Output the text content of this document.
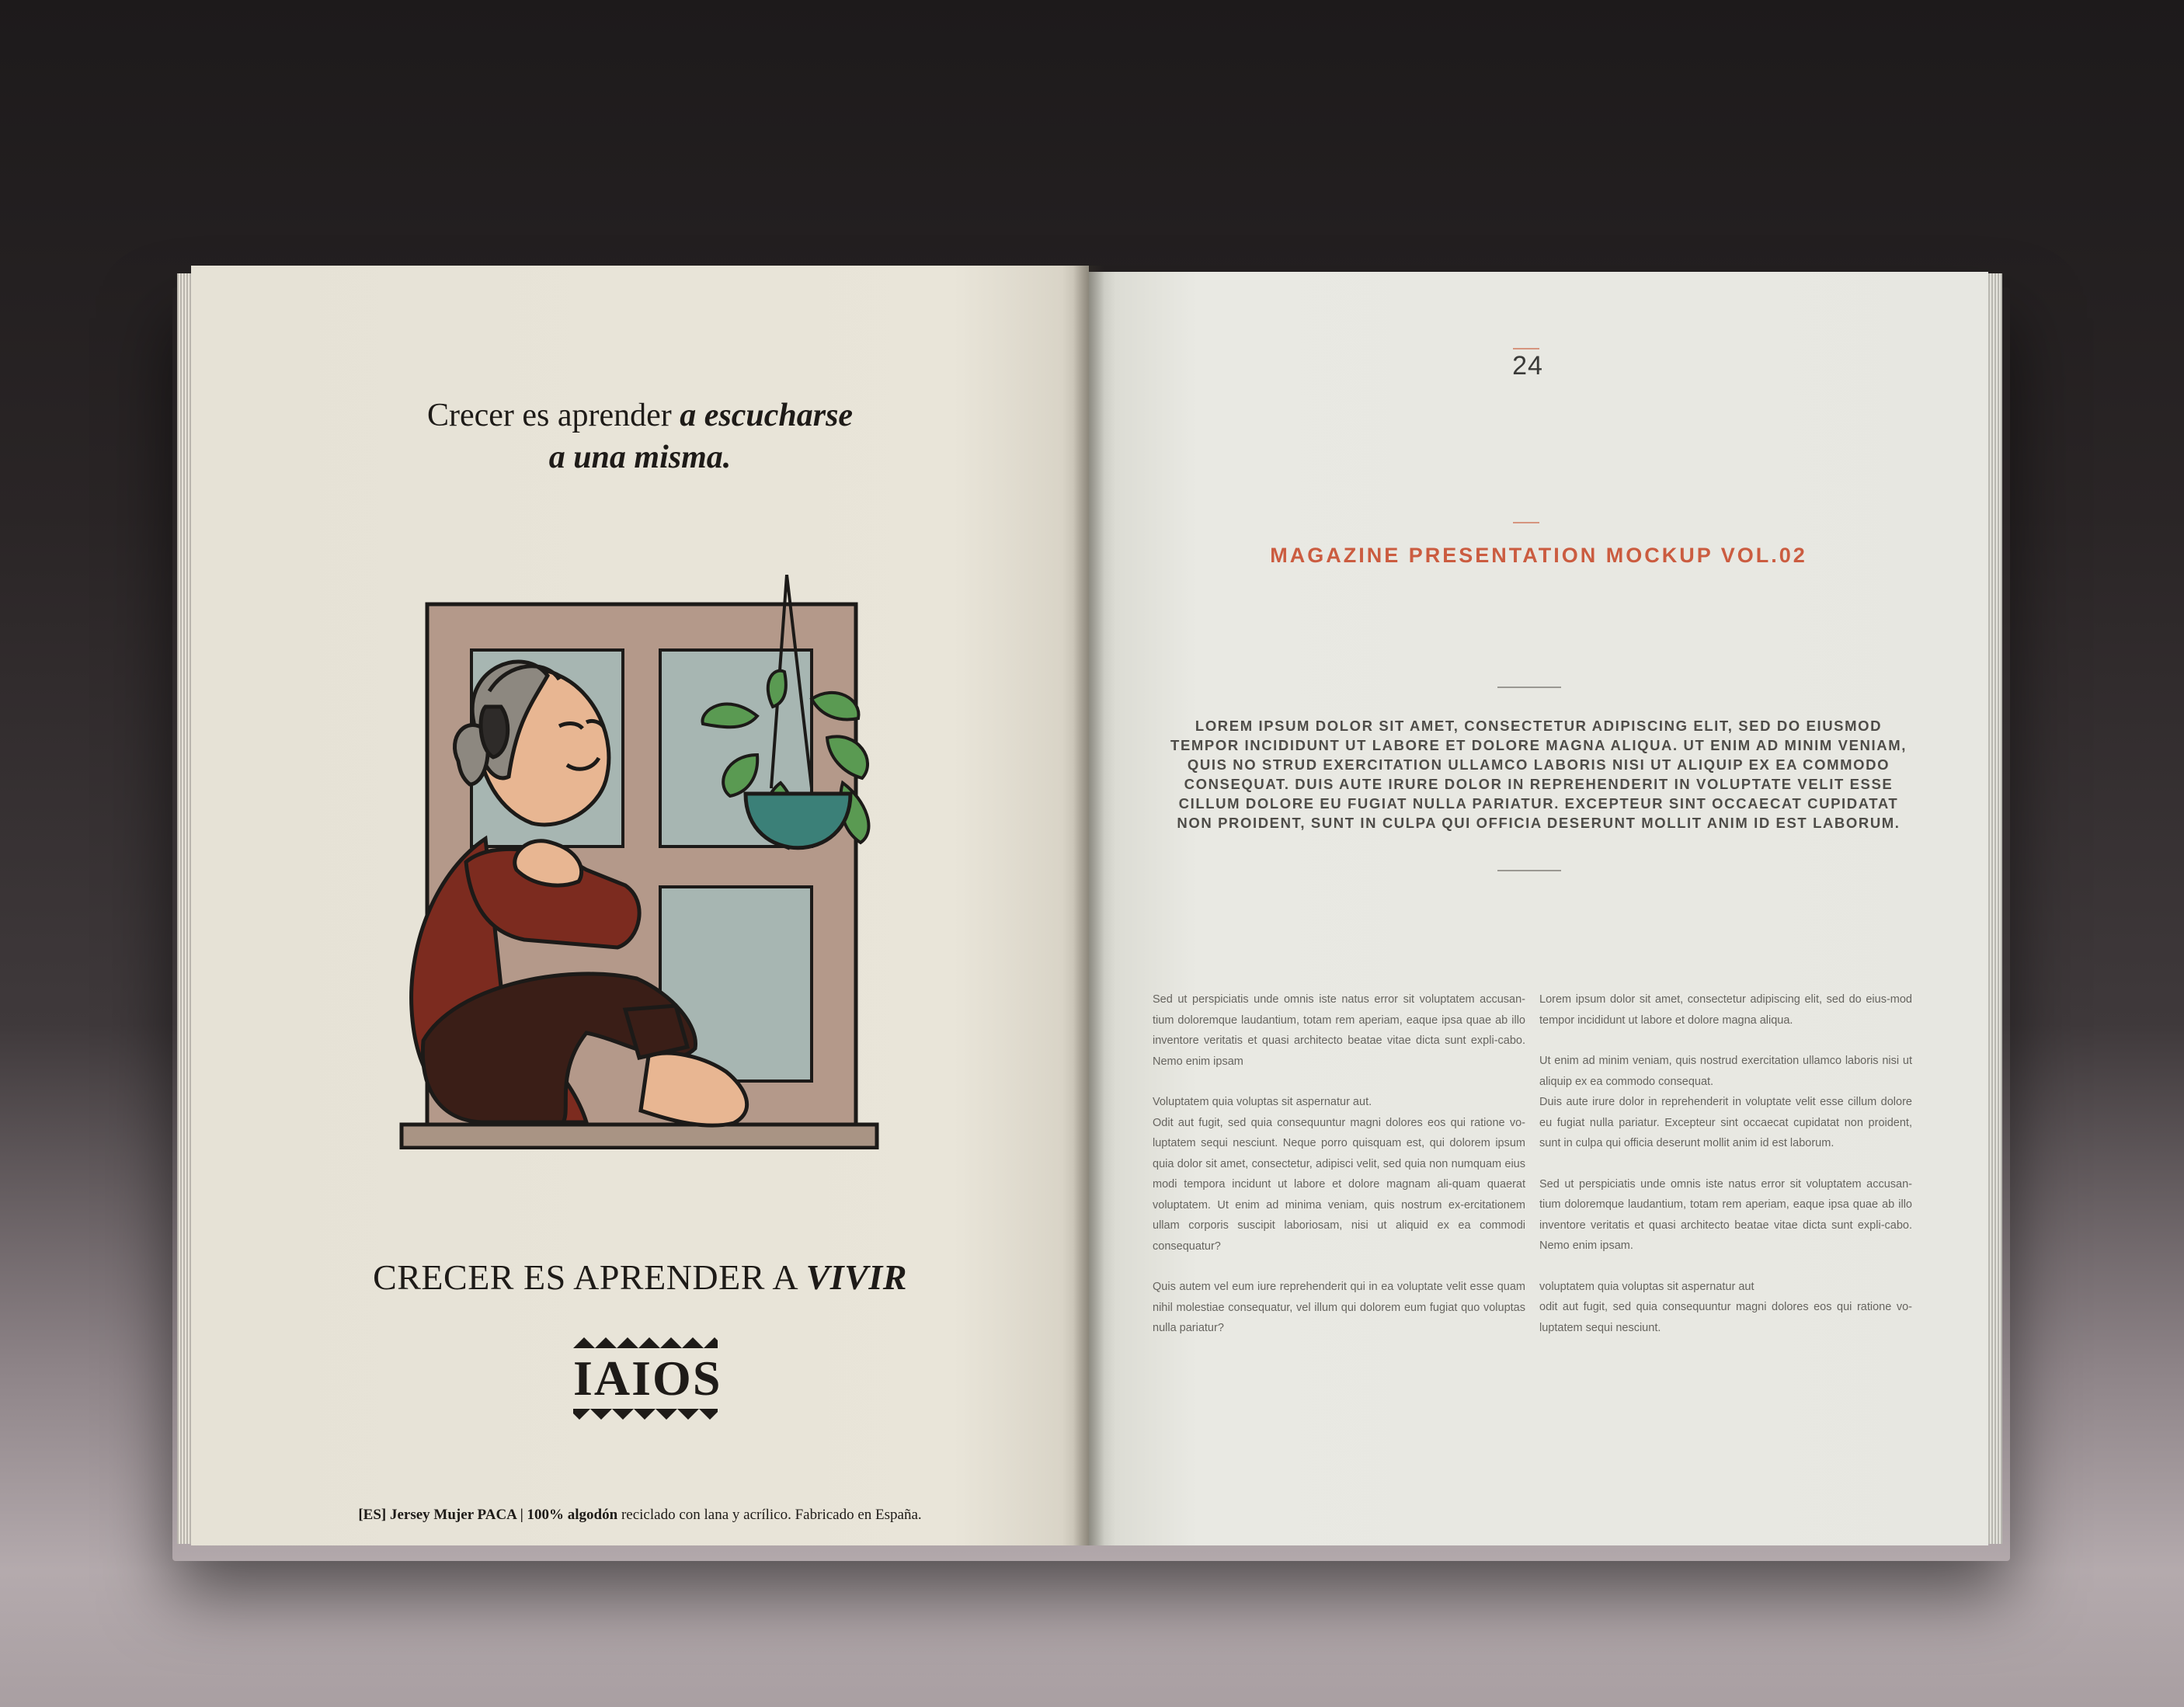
Crecer es aprender a escucharse
a una misma.
CRECER ES APRENDER A VIVIR
IAIOS
[ES] Jersey Mujer PACA | 100% algodón reciclado con lana y acrílico. Fabricado en España.
24
MAGAZINE PRESENTATION MOCKUP VOL.02
LOREM IPSUM DOLOR SIT AMET, CONSECTETUR ADIPISCING ELIT, SED DO EIUSMOD TEMPOR INCIDIDUNT UT LABORE ET DOLORE MAGNA ALIQUA. UT ENIM AD MINIM VENIAM, QUIS NO STRUD EXERCITATION ULLAMCO LABORIS NISI UT ALIQUIP EX EA COMMODO CONSEQUAT. DUIS AUTE IRURE DOLOR IN REPREHENDERIT IN VOLUPTATE VELIT ESSE CILLUM DOLORE EU FUGIAT NULLA PARIATUR. EXCEPTEUR SINT OCCAECAT CUPIDATAT NON PROIDENT, SUNT IN CULPA QUI OFFICIA DESERUNT MOLLIT ANIM ID EST LABORUM.

Sed ut perspiciatis unde omnis iste natus error sit voluptatem accusan-tium doloremque laudantium, totam rem aperiam, eaque ipsa quae ab illo inventore veritatis et quasi architecto beatae vitae dicta sunt expli-cabo. Nemo enim ipsam

Voluptatem quia voluptas sit aspernatur aut.
Odit aut fugit, sed quia consequuntur magni dolores eos qui ratione vo-luptatem sequi nesciunt. Neque porro quisquam est, qui dolorem ipsum quia dolor sit amet, consectetur, adipisci velit, sed quia non numquam eius modi tempora incidunt ut labore et dolore magnam ali-quam quaerat voluptatem. Ut enim ad minima veniam, quis nostrum ex-ercitationem ullam corporis suscipit laboriosam, nisi ut aliquid ex ea commodi consequatur?

Quis autem vel eum iure reprehenderit qui in ea voluptate velit esse quam nihil molestiae consequatur, vel illum qui dolorem eum fugiat quo voluptas nulla pariatur?

Lorem ipsum dolor sit amet, consectetur adipiscing elit, sed do eius-mod tempor incididunt ut labore et dolore magna aliqua.

Ut enim ad minim veniam, quis nostrud exercitation ullamco laboris nisi ut aliquip ex ea commodo consequat.
Duis aute irure dolor in reprehenderit in voluptate velit esse cillum dolore eu fugiat nulla pariatur. Excepteur sint occaecat cupidatat non proident, sunt in culpa qui officia deserunt mollit anim id est laborum.

Sed ut perspiciatis unde omnis iste natus error sit voluptatem accusan-tium doloremque laudantium, totam rem aperiam, eaque ipsa quae ab illo inventore veritatis et quasi architecto beatae vitae dicta sunt expli-cabo. Nemo enim ipsam.

voluptatem quia voluptas sit aspernatur aut
odit aut fugit, sed quia consequuntur magni dolores eos qui ratione vo-luptatem sequi nesciunt.
